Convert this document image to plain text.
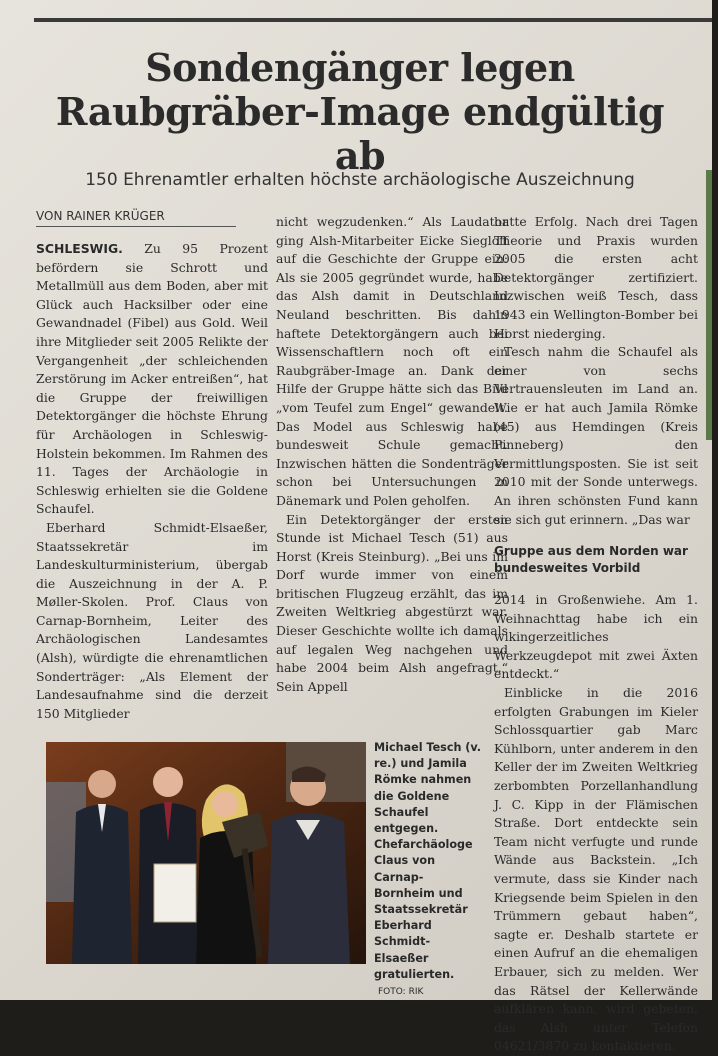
Sondengänger legen
Raubgräber-Image endgültig ab

150 Ehrenamtler erhalten höchste archäologische Auszeichnung

VON RAINER KRÜGER

SCHLESWIG. Zu 95 Prozent befördern sie Schrott und Metallmüll aus dem Boden, aber mit Glück auch Hacksilber oder eine Gewandnadel (Fibel) aus Gold. Weil ihre Mitglieder seit 2005 Relikte der Vergangenheit „der schleichenden Zerstörung im Acker entreißen“, hat die Gruppe der freiwilligen Detektorgänger die höchste Ehrung für Archäologen in Schleswig-Holstein bekommen. Im Rahmen des 11. Tages der Archäologie in Schleswig erhielten sie die Goldene Schaufel.

Eberhard Schmidt-Elsaeßer, Staatssekretär im Landeskulturministerium, übergab die Auszeichnung in der A. P. Møller-Skolen. Prof. Claus von Carnap-Bornheim, Leiter des Archäologischen Landesamtes (Alsh), würdigte die ehrenamtlichen Sonderträger: „Als Element der Landesaufnahme sind die derzeit 150 Mitglieder

nicht wegzudenken.“ Als Laudator ging Alsh-Mitarbeiter Eicke Siegloff auf die Geschichte der Gruppe ein: Als sie 2005 gegründet wurde, habe das Alsh damit in Deutschland Neuland beschritten. Bis dahin haftete Detektorgängern auch bei Wissenschaftlern noch oft ein Raubgräber-Image an. Dank der Hilfe der Gruppe hätte sich das Bild „vom Teufel zum Engel“ gewandelt. Das Model aus Schleswig habe bundesweit Schule gemacht. Inzwischen hätten die Sondenträger schon bei Untersuchungen in Dänemark und Polen geholfen.

Ein Detektorgänger der ersten Stunde ist Michael Tesch (51) aus Horst (Kreis Steinburg). „Bei uns im Dorf wurde immer von einem britischen Flugzeug erzählt, das im Zweiten Weltkrieg abgestürzt war. Dieser Geschichte wollte ich damals auf legalen Weg nachgehen und habe 2004 beim Alsh angefragt.“ Sein Appell

hatte Erfolg. Nach drei Tagen Theorie und Praxis wurden 2005 die ersten acht Detektorgänger zertifiziert. Inzwischen weiß Tesch, dass 1943 ein Wellington-Bomber bei Horst niederging.

Tesch nahm die Schaufel als einer von sechs Vertrauensleuten im Land an. Wie er hat auch Jamila Römke (45) aus Hemdingen (Kreis Pinneberg) den Vermittlungsposten. Sie ist seit 2010 mit der Sonde unterwegs. An ihren schönsten Fund kann sie sich gut erinnern. „Das war

Gruppe aus dem Norden war bundesweites Vorbild

2014 in Großenwiehe. Am 1. Weihnachttag habe ich ein wikingerzeitliches Werkzeugdepot mit zwei Äxten entdeckt.“

Einblicke in die 2016 erfolgten Grabungen im Kieler Schlossquartier gab Marc Kühlborn, unter anderem in den Keller der im Zweiten Weltkrieg zerbombten Porzellanhandlung J. C. Kipp in der Flämischen Straße. Dort entdeckte sein Team nicht verfugte und runde Wände aus Backstein. „Ich vermute, dass sie Kinder nach Kriegsende beim Spielen in den Trümmern gebaut haben“, sagte er. Deshalb startete er einen Aufruf an die ehemaligen Erbauer, sich zu melden. Wer das Rätsel der Kellerwände aufklären kann, wird gebeten, das Alsh unter Telefon 04621/3870 zu kontaktieren.

Michael Tesch (v. re.) und Jamila Römke nahmen die Goldene Schaufel entgegen. Chefarchäologe Claus von Carnap-Bornheim und Staatssekretär Eberhard Schmidt-Elsaeßer gratulierten. FOTO: RIK
